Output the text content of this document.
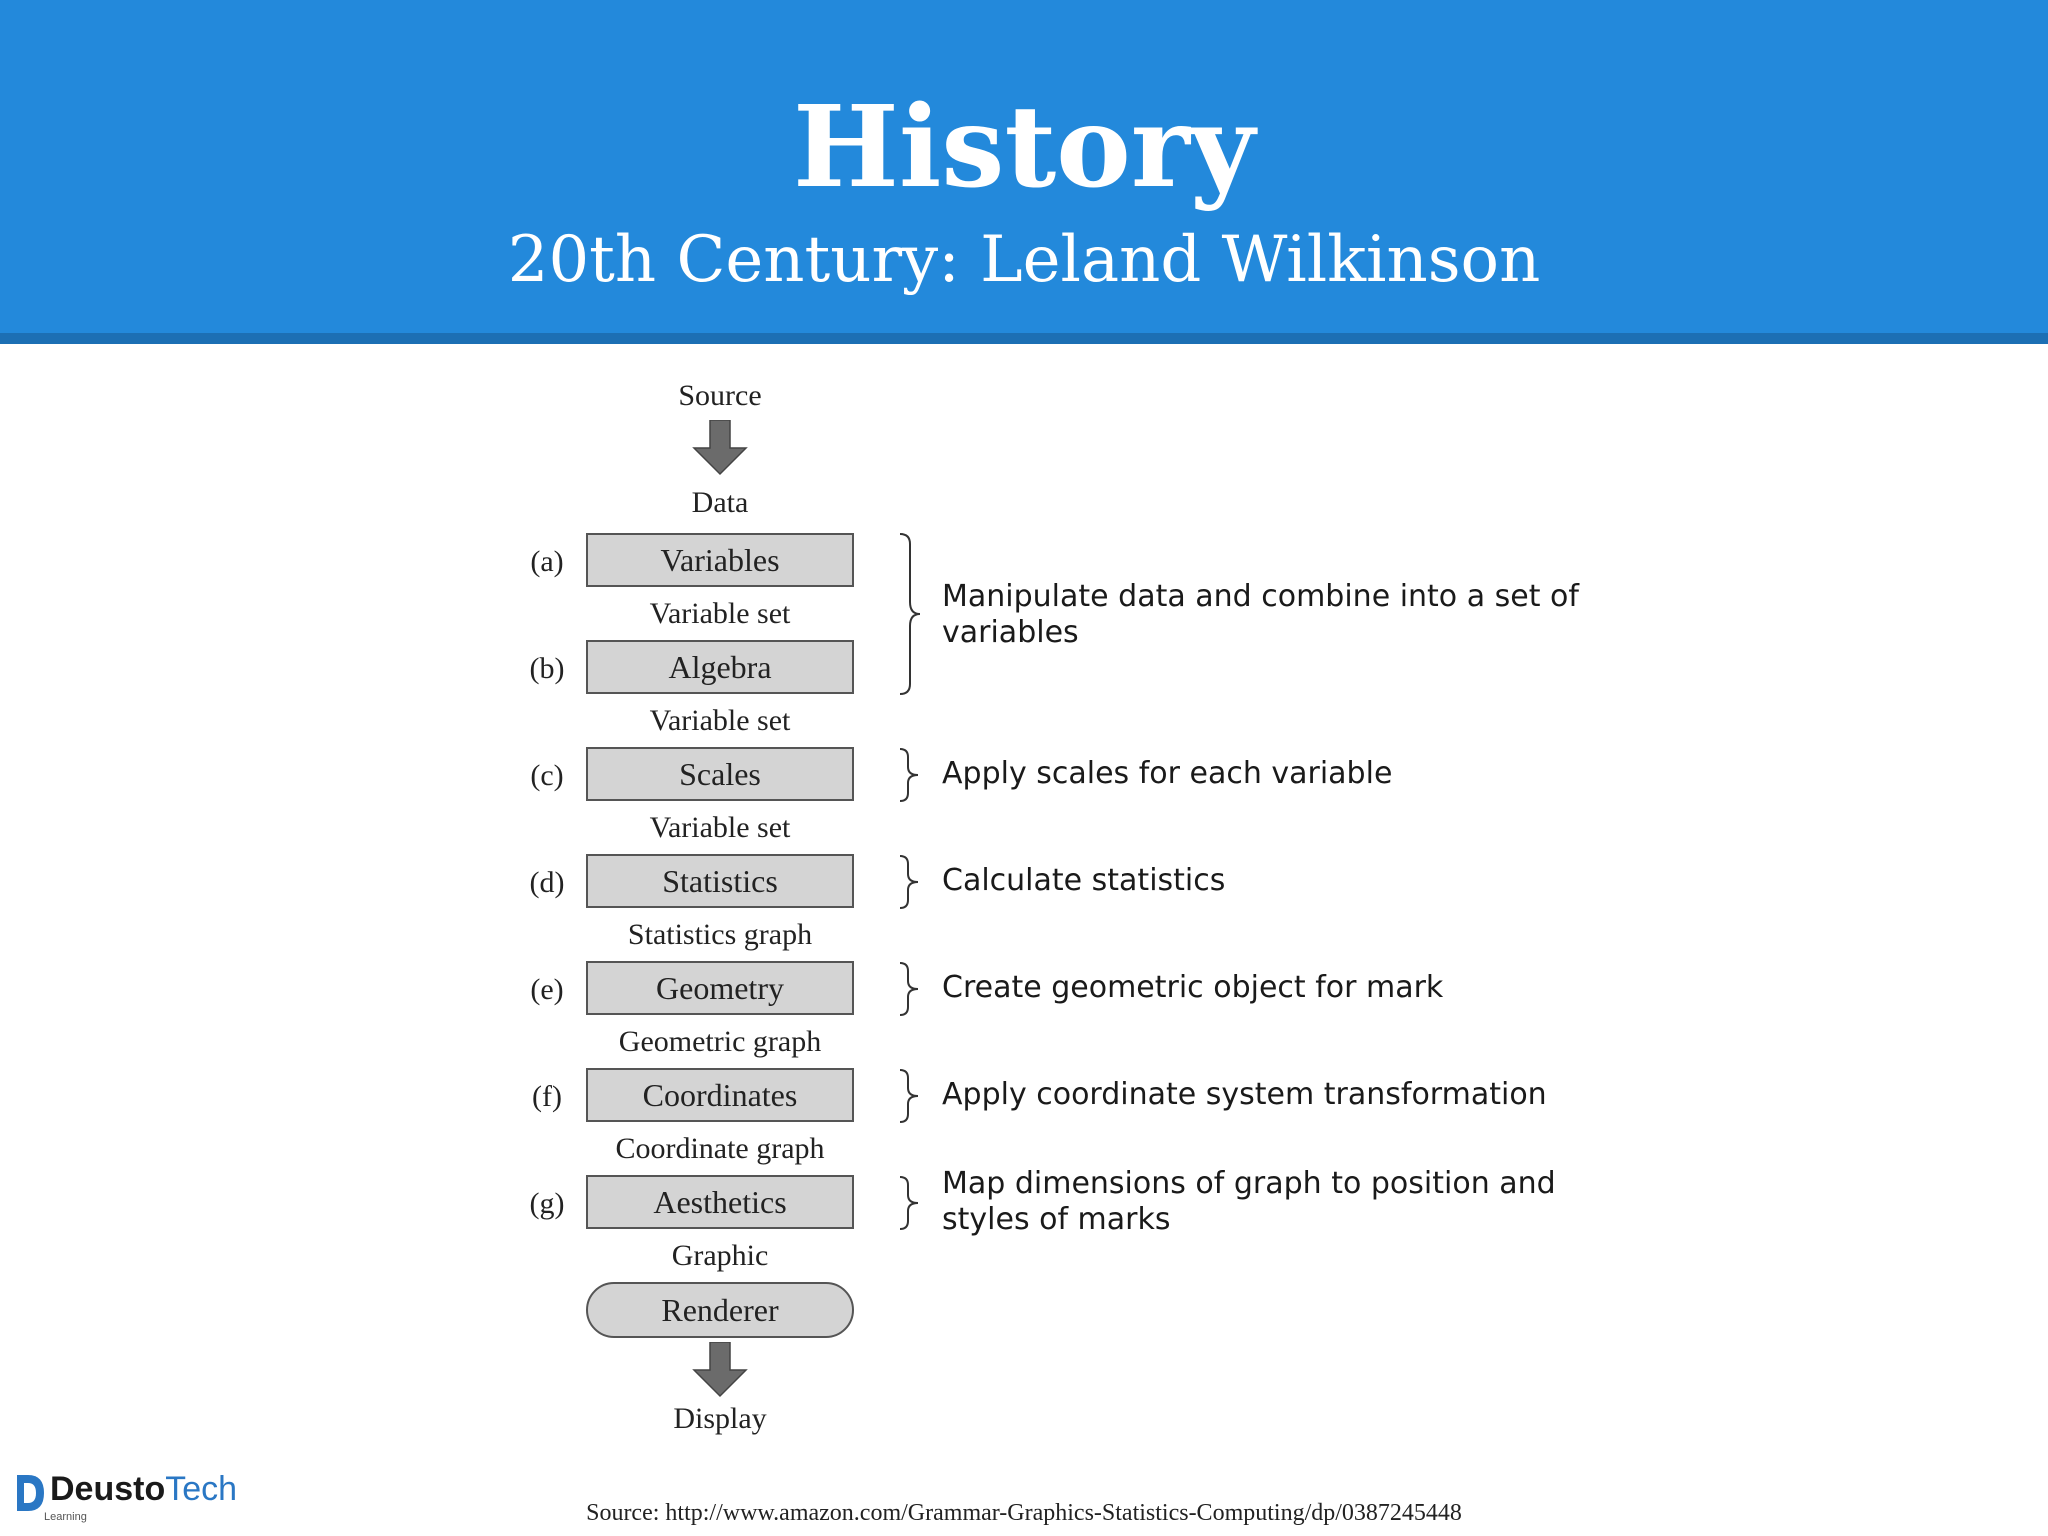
History
20th Century: Leland Wilkinson
Source
Data
(a)	Variables
Variable set
(b)	Algebra
Variable set
(c)	Scales
Variable set
(d)	Statistics
Statistics graph
(e)	Geometry
Geometric graph
(f)	Coordinates
Coordinate graph
(g)	Aesthetics
Graphic
Renderer
Display
Manipulate data and combine into a set of
variables
Apply scales for each variable
Calculate statistics
Create geometric object for mark
Apply coordinate system transformation
Map dimensions of graph to position and
styles of marks
DeustoTech
Learning	Source: http://www.amazon.com/Grammar-Graphics-Statistics-Computing/dp/0387245448
